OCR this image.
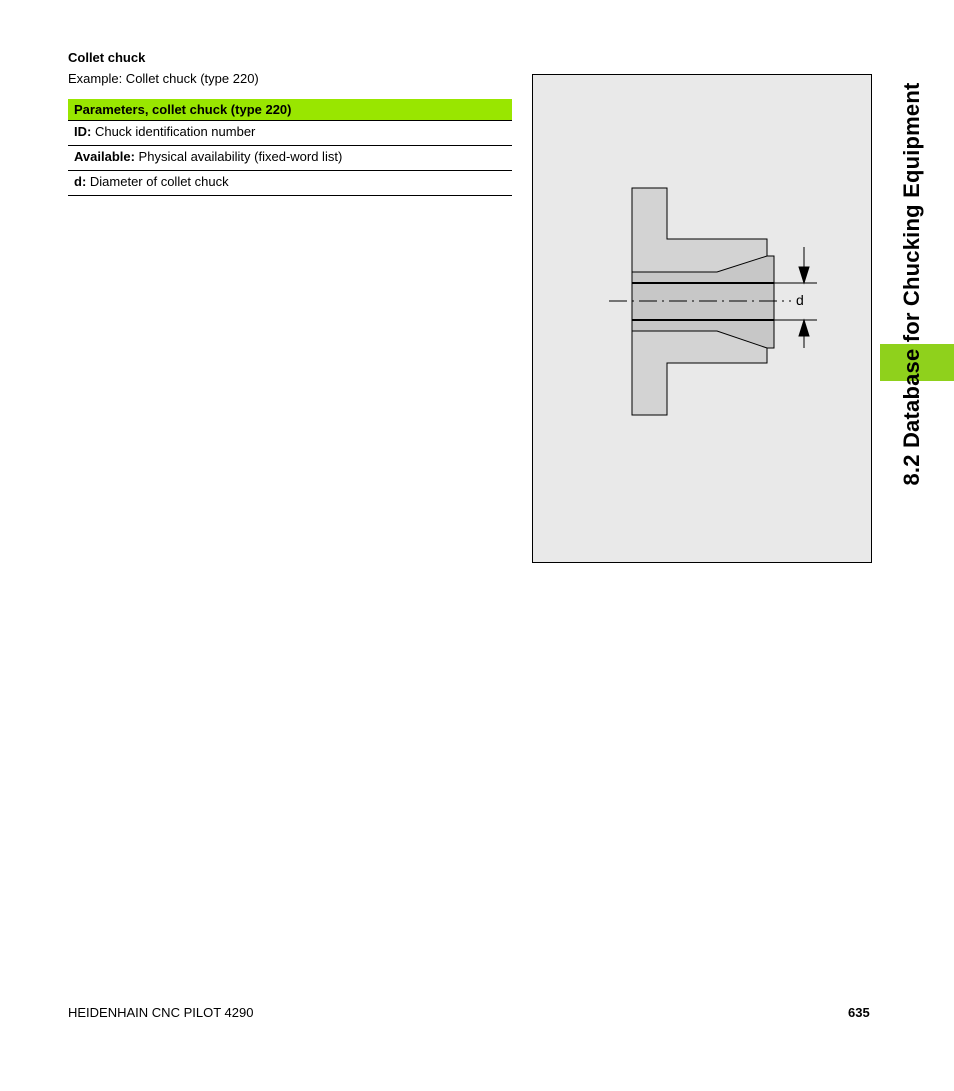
Collet chuck
Example: Collet chuck (type 220)
Parameters, collet chuck (type 220)
ID: Chuck identification number
Available: Physical availability (fixed-word list)
d: Diameter of collet chuck
d	8.2 Database for Chucking Equipment
HEIDENHAIN CNC PILOT 4290	635
